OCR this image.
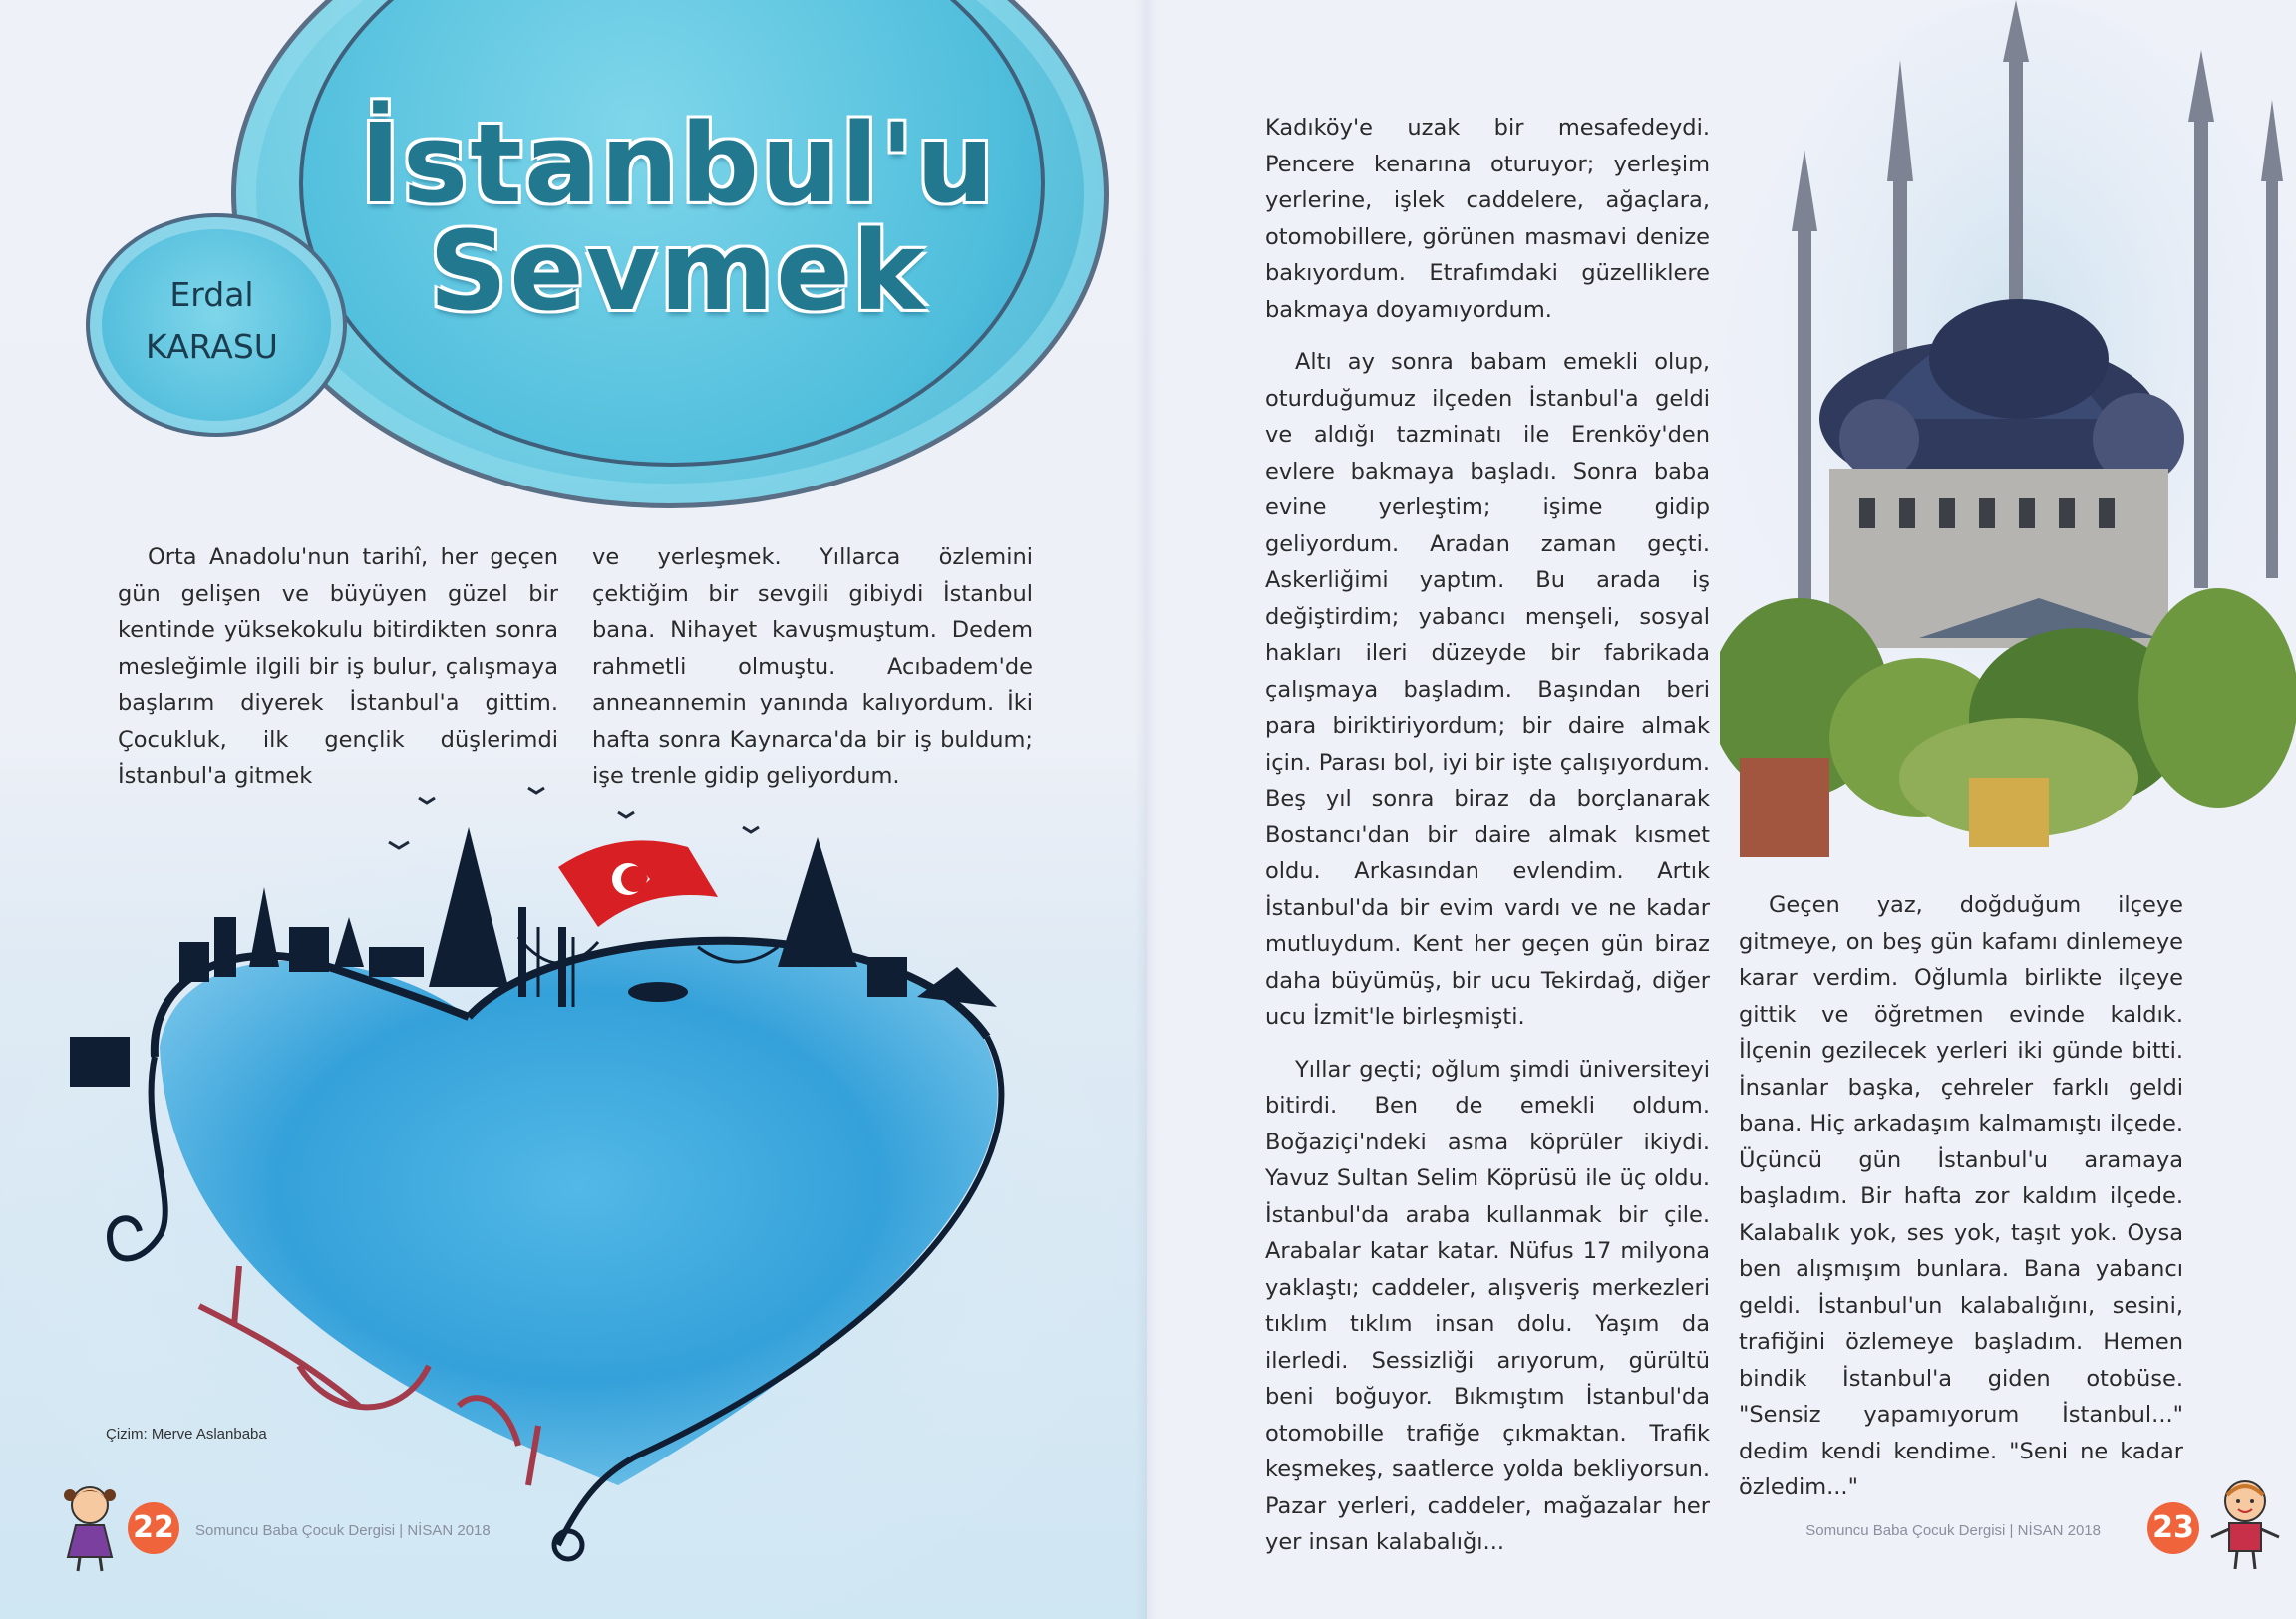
İstanbul'u
Sevmek
Erdal
KARASU

Orta Anadolu'nun tarihî, her geçen gün gelişen ve büyüyen güzel bir kentinde yüksekokulu bitirdikten sonra mesleğimle ilgili bir iş bulur, çalışmaya başlarım diyerek İstanbul'a gittim. Çocukluk, ilk gençlik düşlerimdi İstanbul'a gitmek

ve yerleşmek. Yıllarca özlemini çektiğim bir sevgili gibiydi İstanbul bana. Nihayet kavuşmuştum. Dedem rahmetli olmuştu. Acıbadem'de anneannemin yanında kalıyordum. İki hafta sonra Kaynarca'da bir iş buldum; işe trenle gidip geliyordum.

Çizim: Merve Aslanbaba
22	Somuncu Baba Çocuk Dergisi | NİSAN 2018

Kadıköy'e uzak bir mesafedeydi. Pencere kenarına oturuyor; yerleşim yerlerine, işlek caddelere, ağaçlara, otomobillere, görünen masmavi denize bakıyordum. Etrafımdaki güzelliklere bakmaya doyamıyordum.

Altı ay sonra babam emekli olup, oturduğumuz ilçeden İstanbul'a geldi ve aldığı tazminatı ile Erenköy'den evlere bakmaya başladı. Sonra baba evine yerleştim; işime gidip geliyordum. Aradan zaman geçti. Askerliğimi yaptım. Bu arada iş değiştirdim; yabancı menşeli, sosyal hakları ileri düzeyde bir fabrikada çalışmaya başladım. Başından beri para biriktiriyordum; bir daire almak için. Parası bol, iyi bir işte çalışıyordum. Beş yıl sonra biraz da borçlanarak Bostancı'dan bir daire almak kısmet oldu. Arkasından evlendim. Artık İstanbul'da bir evim vardı ve ne kadar mutluydum. Kent her geçen gün biraz daha büyümüş, bir ucu Tekirdağ, diğer ucu İzmit'le birleşmişti.

Yıllar geçti; oğlum şimdi üniversiteyi bitirdi. Ben de emekli oldum. Boğaziçi'ndeki asma köprüler ikiydi. Yavuz Sultan Selim Köprüsü ile üç oldu. İstanbul'da araba kullanmak bir çile. Arabalar katar katar. Nüfus 17 milyona yaklaştı; caddeler, alışveriş merkezleri tıklım tıklım insan dolu. Yaşım da ilerledi. Sessizliği arıyorum, gürültü beni boğuyor. Bıkmıştım İstanbul'da otomobille trafiğe çıkmaktan. Trafik keşmekeş, saatlerce yolda bekliyorsun. Pazar yerleri, caddeler, mağazalar her yer insan kalabalığı...

Geçen yaz, doğduğum ilçeye gitmeye, on beş gün kafamı dinlemeye karar verdim. Oğlumla birlikte ilçeye gittik ve öğretmen evinde kaldık. İlçenin gezilecek yerleri iki günde bitti. İnsanlar başka, çehreler farklı geldi bana. Hiç arkadaşım kalmamıştı ilçede. Üçüncü gün İstanbul'u aramaya başladım. Bir hafta zor kaldım ilçede. Kalabalık yok, ses yok, taşıt yok. Oysa ben alışmışım bunlara. Bana yabancı geldi. İstanbul'un kalabalığını, sesini, trafiğini özlemeye başladım. Hemen bindik İstanbul'a giden otobüse. "Sensiz yapamıyorum İstanbul..." dedim kendi kendime. "Seni ne kadar özledim..."

23
Somuncu Baba Çocuk Dergisi | NİSAN 2018
